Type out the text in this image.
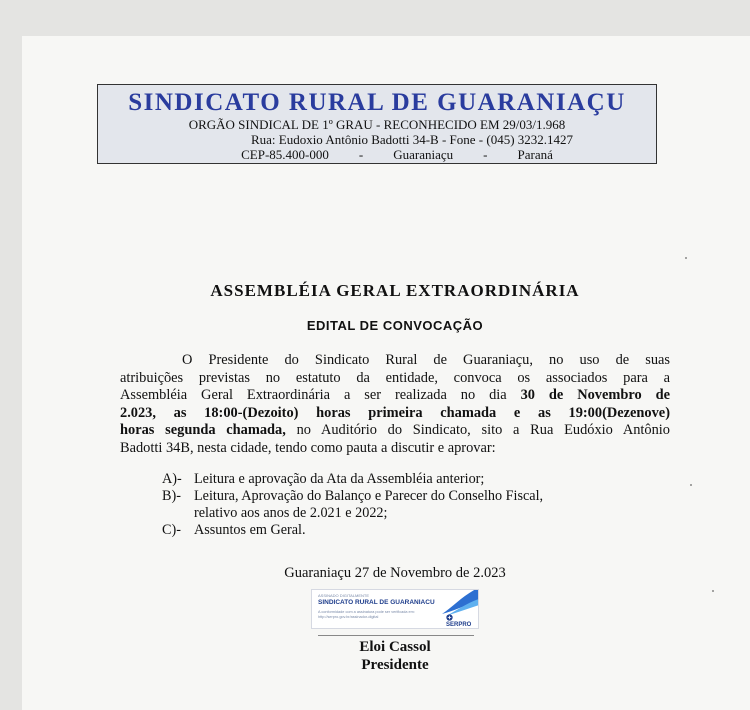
SINDICATO RURAL DE GUARANIAÇU
ORGÃO SINDICAL DE 1º GRAU - RECONHECIDO EM 29/03/1.968
Rua: Eudoxio Antônio Badotti 34-B - Fone - (045) 3232.1427
CEP-85.400-000 - Guaraniaçu - Paraná
ASSEMBLÉIA GERAL EXTRAORDINÁRIA
EDITAL DE CONVOCAÇÃO
O Presidente do Sindicato Rural de Guaraniaçu, no uso de suas
atribuições previstas no estatuto da entidade, convoca os associados para a
Assembléia Geral Extraordinária a ser realizada no dia 30 de Novembro de
2.023, as 18:00-(Dezoito) horas primeira chamada e as 19:00(Dezenove)
horas segunda chamada, no Auditório do Sindicato, sito a Rua Eudóxio Antônio
Badotti 34B, nesta cidade, tendo como pauta a discutir e aprovar:
A)- Leitura e aprovação da Ata da Assembléia anterior;
B)- Leitura, Aprovação do Balanço e Parecer do Conselho Fiscal,
relativo aos anos de 2.021 e 2022;
C)- Assuntos em Geral.
Guaraniaçu 27 de Novembro de 2.023
ASSINADO DIGITALMENTE
SINDICATO RURAL DE GUARANIACU
A conformidade com a assinatura pode ser verificada em:
http://serpro.gov.br/assinador-digital
SERPRO
Eloi Cassol
Presidente
